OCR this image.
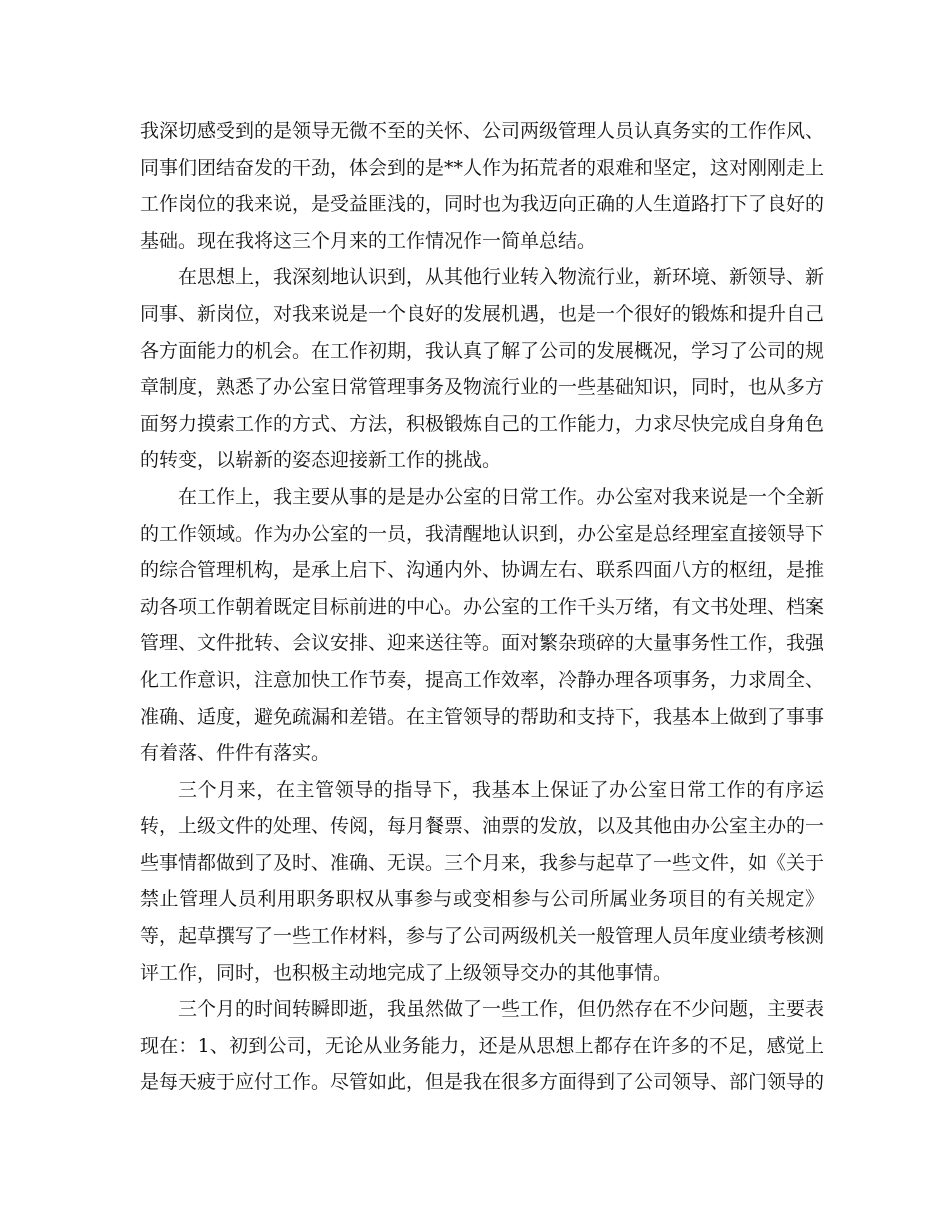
我深切感受到的是领导无微不至的关怀、公司两级管理人员认真务实的工作作风、同事们团结奋发的干劲，体会到的是**人作为拓荒者的艰难和坚定，这对刚刚走上工作岗位的我来说，是受益匪浅的，同时也为我迈向正确的人生道路打下了良好的基础。现在我将这三个月来的工作情况作一简单总结。

在思想上，我深刻地认识到，从其他行业转入物流行业，新环境、新领导、新同事、新岗位，对我来说是一个良好的发展机遇，也是一个很好的锻炼和提升自己各方面能力的机会。在工作初期，我认真了解了公司的发展概况，学习了公司的规章制度，熟悉了办公室日常管理事务及物流行业的一些基础知识，同时，也从多方面努力摸索工作的方式、方法，积极锻炼自己的工作能力，力求尽快完成自身角色的转变，以崭新的姿态迎接新工作的挑战。

在工作上，我主要从事的是是办公室的日常工作。办公室对我来说是一个全新的工作领域。作为办公室的一员，我清醒地认识到，办公室是总经理室直接领导下的综合管理机构，是承上启下、沟通内外、协调左右、联系四面八方的枢纽，是推动各项工作朝着既定目标前进的中心。办公室的工作千头万绪，有文书处理、档案管理、文件批转、会议安排、迎来送往等。面对繁杂琐碎的大量事务性工作，我强化工作意识，注意加快工作节奏，提高工作效率，冷静办理各项事务，力求周全、准确、适度，避免疏漏和差错。在主管领导的帮助和支持下，我基本上做到了事事有着落、件件有落实。

三个月来，在主管领导的指导下，我基本上保证了办公室日常工作的有序运转，上级文件的处理、传阅，每月餐票、油票的发放，以及其他由办公室主办的一些事情都做到了及时、准确、无误。三个月来，我参与起草了一些文件，如《关于禁止管理人员利用职务职权从事参与或变相参与公司所属业务项目的有关规定》等，起草撰写了一些工作材料，参与了公司两级机关一般管理人员年度业绩考核测评工作，同时，也积极主动地完成了上级领导交办的其他事情。

三个月的时间转瞬即逝，我虽然做了一些工作，但仍然存在不少问题，主要表现在：1、初到公司，无论从业务能力，还是从思想上都存在许多的不足，感觉上是每天疲于应付工作。尽管如此，但是我在很多方面得到了公司领导、部门领导的
